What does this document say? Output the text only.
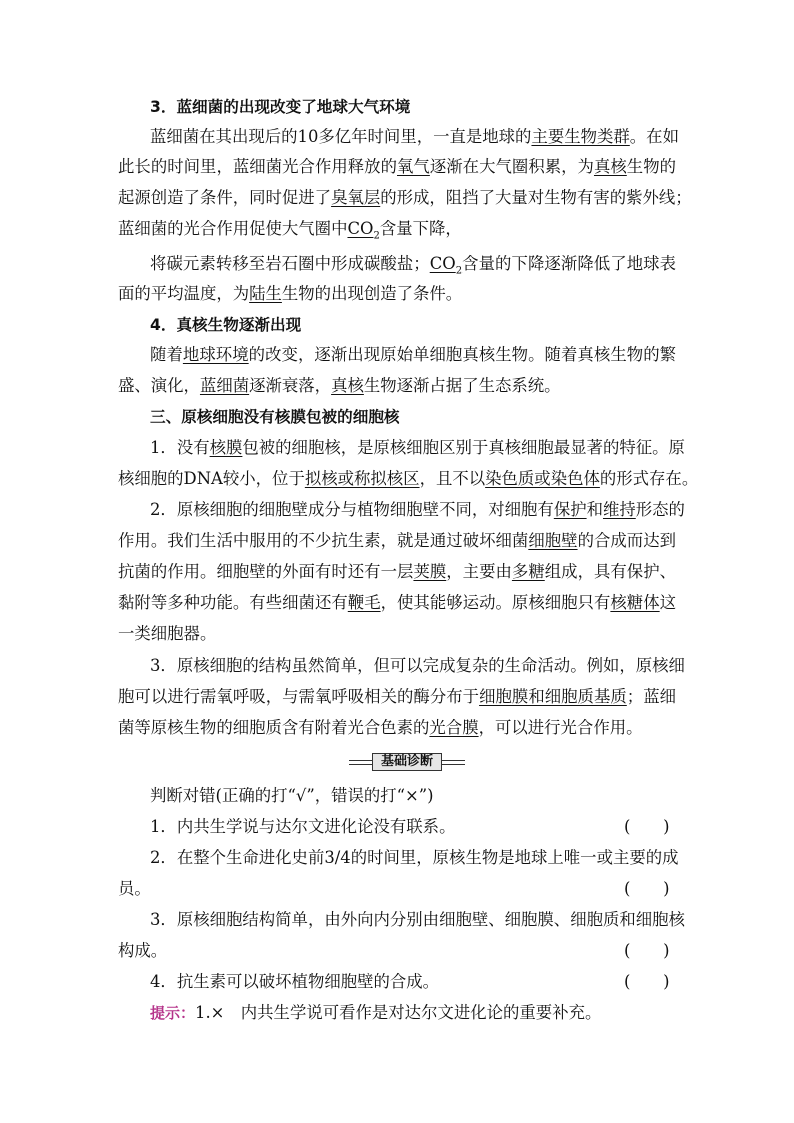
3．蓝细菌的出现改变了地球大气环境
蓝细菌在其出现后的10多亿年时间里，一直是地球的主要生物类群。在如
此长的时间里，蓝细菌光合作用释放的氧气逐渐在大气圈积累，为真核生物的
起源创造了条件，同时促进了臭氧层的形成，阻挡了大量对生物有害的紫外线；
蓝细菌的光合作用促使大气圈中$CO_2$含量下降，
将碳元素转移至岩石圈中形成碳酸盐；$CO_2$含量的下降逐渐降低了地球表
面的平均温度，为陆生生物的出现创造了条件。
4．真核生物逐渐出现
随着地球环境的改变，逐渐出现原始单细胞真核生物。随着真核生物的繁
盛、演化，蓝细菌逐渐衰落，真核生物逐渐占据了生态系统。
三、原核细胞没有核膜包被的细胞核
1．没有核膜包被的细胞核，是原核细胞区别于真核细胞最显著的特征。原
核细胞的DNA较小，位于拟核或称拟核区，且不以染色质或染色体的形式存在。
2．原核细胞的细胞壁成分与植物细胞壁不同，对细胞有保护和维持形态的
作用。我们生活中服用的不少抗生素，就是通过破坏细菌细胞壁的合成而达到
抗菌的作用。细胞壁的外面有时还有一层荚膜，主要由多糖组成，具有保护、
黏附等多种功能。有些细菌还有鞭毛，使其能够运动。原核细胞只有核糖体这
一类细胞器。
3．原核细胞的结构虽然简单，但可以完成复杂的生命活动。例如，原核细
胞可以进行需氧呼吸，与需氧呼吸相关的酶分布于细胞膜和细胞质基质；蓝细
菌等原核生物的细胞质含有附着光合色素的光合膜，可以进行光合作用。
基础诊断
判断对错(正确的打“√”，错误的打“×”)
1．内共生学说与达尔文进化论没有联系。	(　　)
2．在整个生命进化史前3/4的时间里，原核生物是地球上唯一或主要的成
员。	(　　)
3．原核细胞结构简单，由外向内分别由细胞壁、细胞膜、细胞质和细胞核
构成。	(　　)
4．抗生素可以破坏植物细胞壁的合成。	(　　)
提示：1.×　内共生学说可看作是对达尔文进化论的重要补充。
